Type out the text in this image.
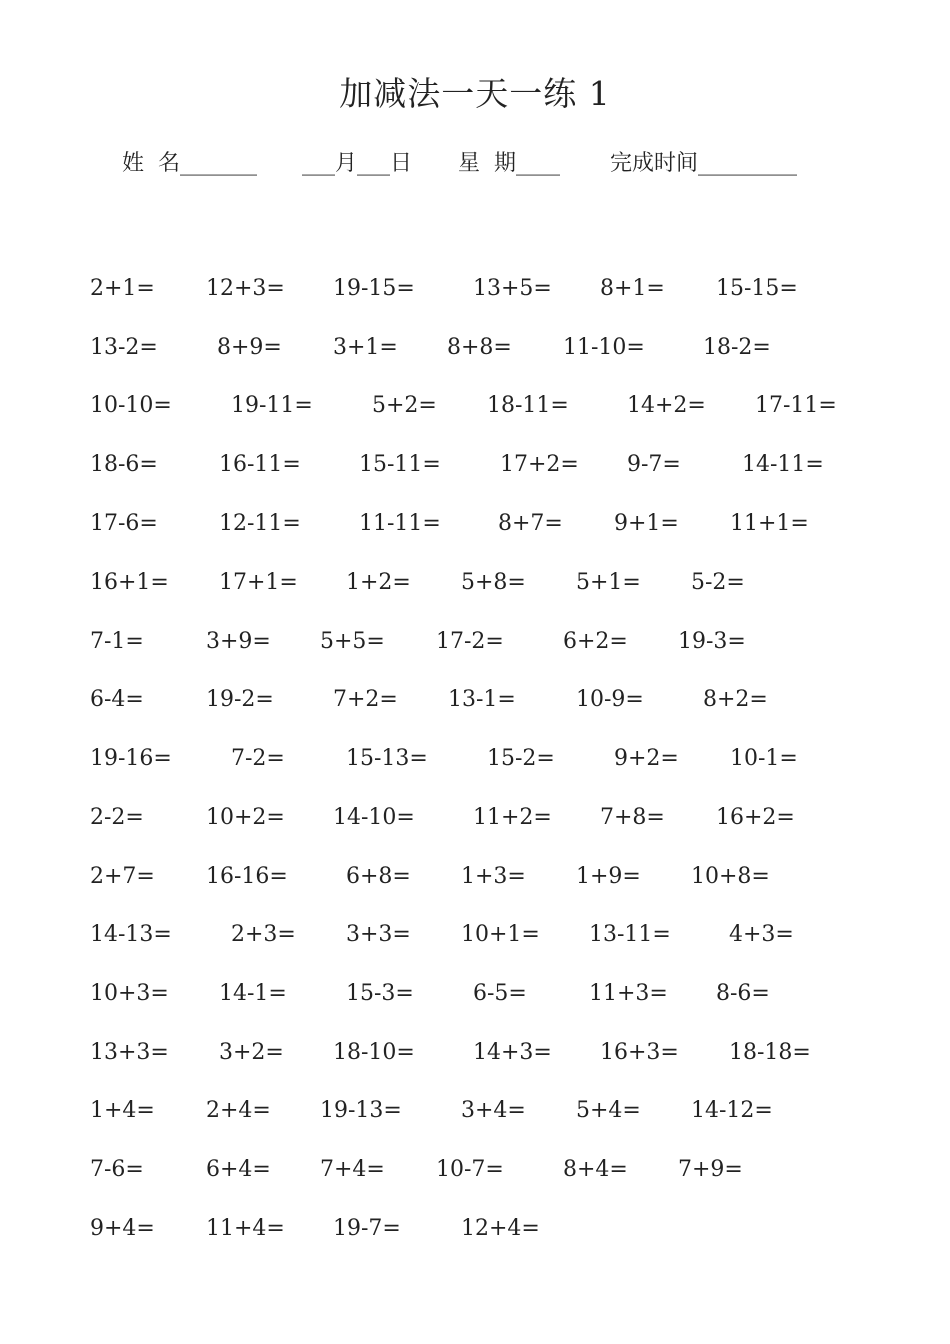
加减法一天一练 1
姓  名_______ ___月___日 星  期____ 完成时间_________
2+1= 12+3= 19-15=	13+5= 8+1= 15-15=
13-2=	8+9= 3+1= 8+8= 11-10=	18-2=
10-10=	19-11=	5+2= 18-11=	14+2= 17-11=
18-6=	16-11=	15-11=	17+2= 9-7=	14-11=
17-6=	12-11=	11-11=	8+7= 9+1= 11+1=
16+1= 17+1= 1+2= 5+8= 5+1= 5-2=
7-1=	3+9= 5+5= 17-2=	6+2= 19-3=
6-4=	19-2=	7+2= 13-1=	10-9=	8+2=
19-16=	7-2=	15-13=	15-2=	9+2= 10-1=
2-2=	10+2= 14-10=	11+2= 7+8= 16+2=
2+7= 16-16=	6+8= 1+3= 1+9= 10+8=
14-13=	2+3= 3+3= 10+1= 13-11=	4+3=
10+3= 14-1=	15-3=	6-5=	11+3= 8-6=
13+3= 3+2= 18-10=	14+3= 16+3= 18-18=
1+4= 2+4= 19-13=	3+4= 5+4= 14-12=
7-6=	6+4= 7+4= 10-7=	8+4= 7+9=
9+4= 11+4= 19-7=	12+4=
